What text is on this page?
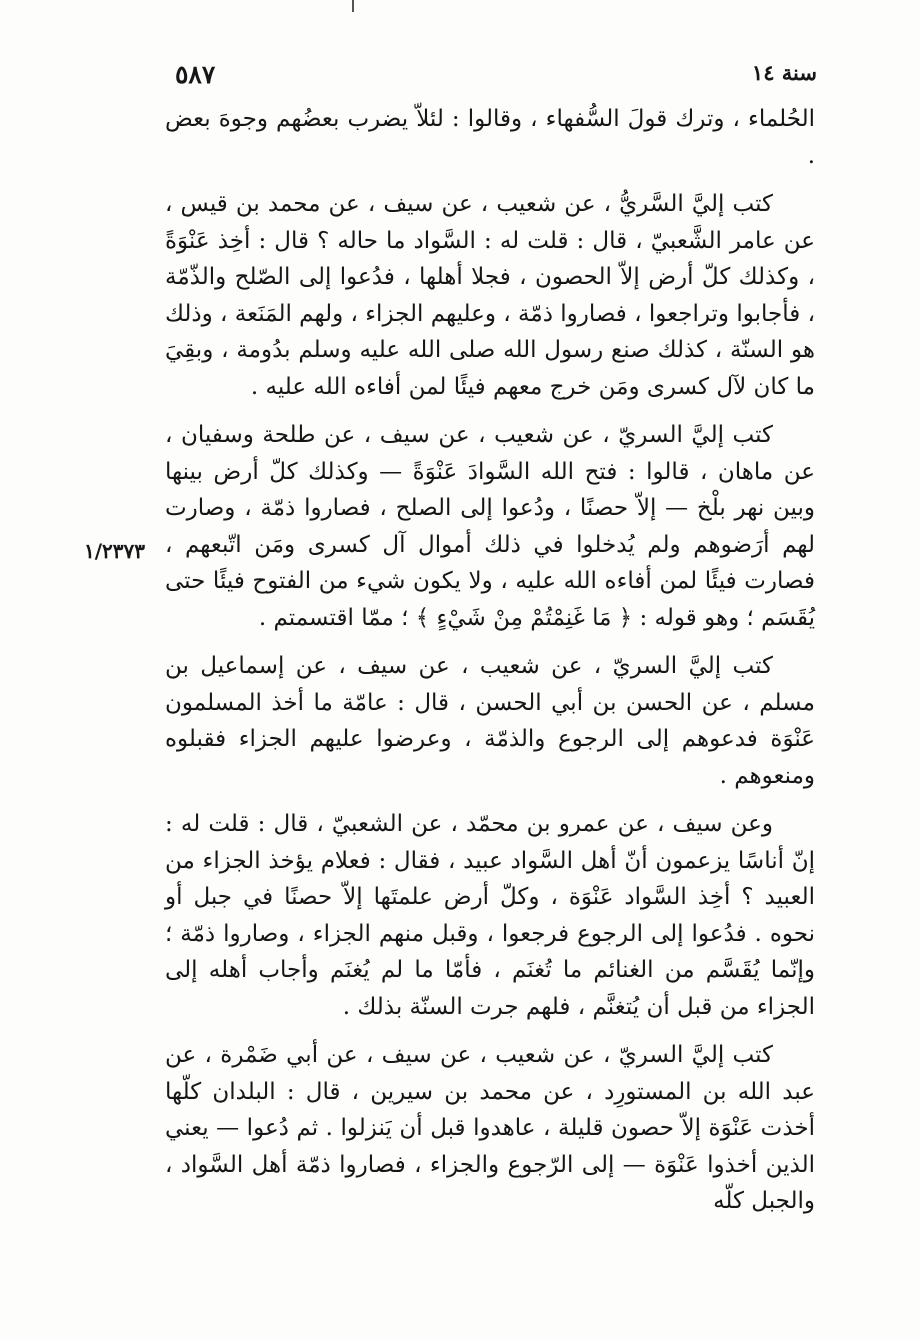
٥٨٧	سنة ١٤
١/٢٣٧٣

الحُلماء ، وترك قولَ السُّفهاء ، وقالوا : لئلاّ يضرب بعضُهم وجوهَ بعض .

كتب إليَّ السَّريُّ ، عن شعيب ، عن سيف ، عن محمد بن قيس ، عن عامر الشَّعبيّ ، قال : قلت له : السَّواد ما حاله ؟ قال : أخِذ عَنْوَةً ، وكذلك كلّ أرض إلاّ الحصون ، فجلا أهلها ، فدُعوا إلى الصّلح والذّمّة ، فأجابوا وتراجعوا ، فصاروا ذمّة ، وعليهم الجزاء ، ولهم المَنَعة ، وذلك هو السنّة ، كذلك صنع رسول الله صلى الله عليه وسلم بدُومة ، وبقِيَ ما كان لآل كسرى ومَن خرج معهم فيئًا لمن أفاءه الله عليه .

كتب إليَّ السريّ ، عن شعيب ، عن سيف ، عن طلحة وسفيان ، عن ماهان ، قالوا : فتح الله السَّوادَ عَنْوَةً — وكذلك كلّ أرض بينها وبين نهر بلْخ — إلاّ حصنًا ، ودُعوا إلى الصلح ، فصاروا ذمّة ، وصارت لهم أرَضوهم ولم يُدخلوا في ذلك أموال آل كسرى ومَن اتّبعهم ، فصارت فيئًا لمن أفاءه الله عليه ، ولا يكون شيء من الفتوح فيئًا حتى يُقَسَم ؛ وهو قوله : ﴿ مَا غَنِمْتُمْ مِنْ شَيْءٍ ﴾ ؛ ممّا اقتسمتم .

كتب إليَّ السريّ ، عن شعيب ، عن سيف ، عن إسماعيل بن مسلم ، عن الحسن بن أبي الحسن ، قال : عامّة ما أخذ المسلمون عَنْوَة فدعوهم إلى الرجوع والذمّة ، وعرضوا عليهم الجزاء فقبلوه ومنعوهم .

وعن سيف ، عن عمرو بن محمّد ، عن الشعبيّ ، قال : قلت له : إنّ أناسًا يزعمون أنّ أهل السَّواد عبيد ، فقال : فعلام يؤخذ الجزاء من العبيد ؟ أخِذ السَّواد عَنْوَة ، وكلّ أرض علمتَها إلاّ حصنًا في جبل أو نحوه . فدُعوا إلى الرجوع فرجعوا ، وقبل منهم الجزاء ، وصاروا ذمّة ؛ وإنّما يُقَسَّم من الغنائم ما تُغنَم ، فأمّا ما لم يُغنَم وأجاب أهله إلى الجزاء من قبل أن يُتغنَّم ، فلهم جرت السنّة بذلك .

كتب إليَّ السريّ ، عن شعيب ، عن سيف ، عن أبي ضَمْرة ، عن عبد الله بن المستورِد ، عن محمد بن سيرين ، قال : البلدان كلّها أخذت عَنْوَة إلاّ حصون قليلة ، عاهدوا قبل أن يَنزلوا . ثم دُعوا — يعني الذين أخذوا عَنْوَة — إلى الرّجوع والجزاء ، فصاروا ذمّة أهل السَّواد ، والجبل كلّه
